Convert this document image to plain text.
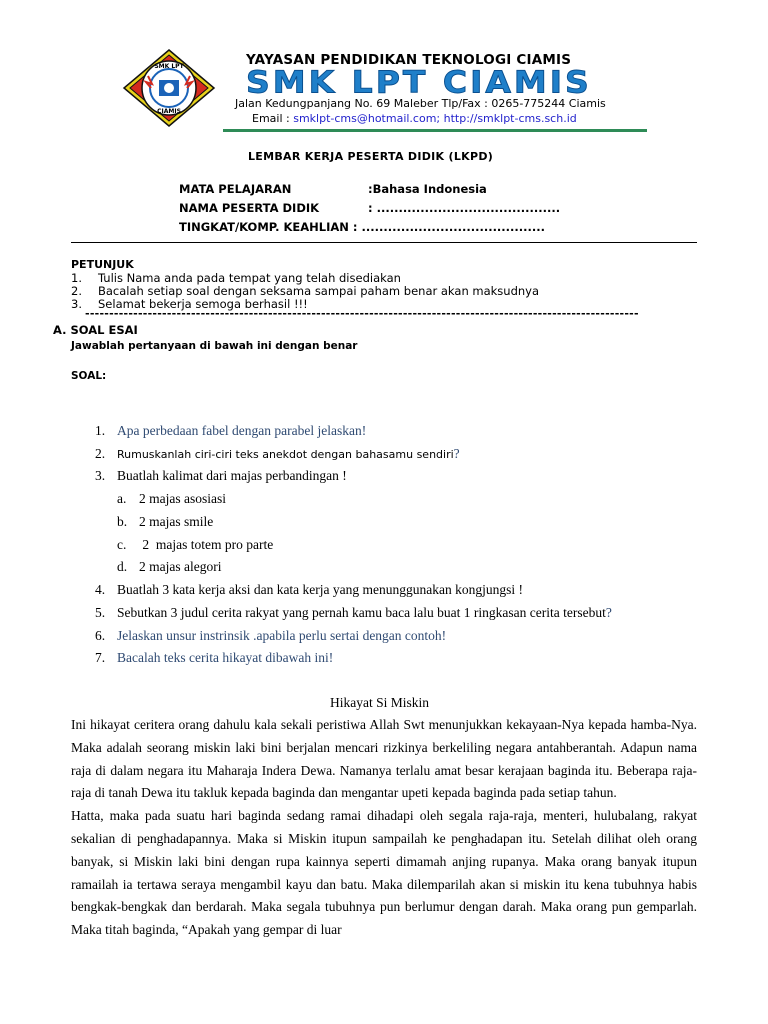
SMK LPT
CIAMIS
YAYASAN PENDIDIKAN TEKNOLOGI CIAMIS
SMK LPT CIAMIS
Jalan Kedungpanjang No. 69 Maleber Tlp/Fax : 0265-775244 Ciamis
Email : smklpt-cms@hotmail.com; http://smklpt-cms.sch.id
LEMBAR KERJA PESERTA DIDIK (LKPD)
MATA PELAJARAN	:Bahasa Indonesia
NAMA PESERTA DIDIK	: ..........................................
TINGKAT/KOMP. KEAHLIAN : ..........................................
PETUNJUK
1. Tulis Nama anda pada tempat yang telah disediakan
2. Bacalah setiap soal dengan seksama sampai paham benar akan maksudnya
3. Selamat bekerja semoga berhasil !!!
-------------------------------------------------------------------------------------------------------------------
A. SOAL ESAI
Jawablah pertanyaan di bawah ini dengan benar
SOAL:
1. Apa perbedaan fabel dengan parabel jelaskan!
2. Rumuskanlah ciri-ciri teks anekdot dengan bahasamu sendiri?
3. Buatlah kalimat dari majas perbandingan !
a. 2 majas asosiasi
b. 2 majas smile
c. 2  majas totem pro parte
d. 2 majas alegori
4. Buatlah 3 kata kerja aksi dan kata kerja yang menunggunakan kongjungsi !
5. Sebutkan 3 judul cerita rakyat yang pernah kamu baca lalu buat 1 ringkasan cerita tersebut?
6. Jelaskan unsur instrinsik .apabila perlu sertai dengan contoh!
7. Bacalah teks cerita hikayat dibawah ini!
Hikayat Si Miskin

Ini hikayat ceritera orang dahulu kala sekali peristiwa Allah Swt menunjukkan kekayaan-Nya kepada hamba-Nya. Maka adalah seorang miskin laki bini berjalan mencari rizkinya berkeliling negara antahberantah. Adapun nama raja di dalam negara itu Maharaja Indera Dewa. Namanya terlalu amat besar kerajaan baginda itu. Beberapa raja-raja di tanah Dewa itu takluk kepada baginda dan mengantar upeti kepada baginda pada setiap tahun.

Hatta, maka pada suatu hari baginda sedang ramai dihadapi oleh segala raja-raja, menteri, hulubalang, rakyat sekalian di penghadapannya. Maka si Miskin itupun sampailah ke penghadapan itu. Setelah dilihat oleh orang banyak, si Miskin laki bini dengan rupa kainnya seperti dimamah anjing rupanya. Maka orang banyak itupun ramailah ia tertawa seraya mengambil kayu dan batu. Maka dilemparilah akan si miskin itu kena tubuhnya habis bengkak-bengkak dan berdarah. Maka segala tubuhnya pun berlumur dengan darah. Maka orang pun gemparlah. Maka titah baginda, “Apakah yang gempar di luar
